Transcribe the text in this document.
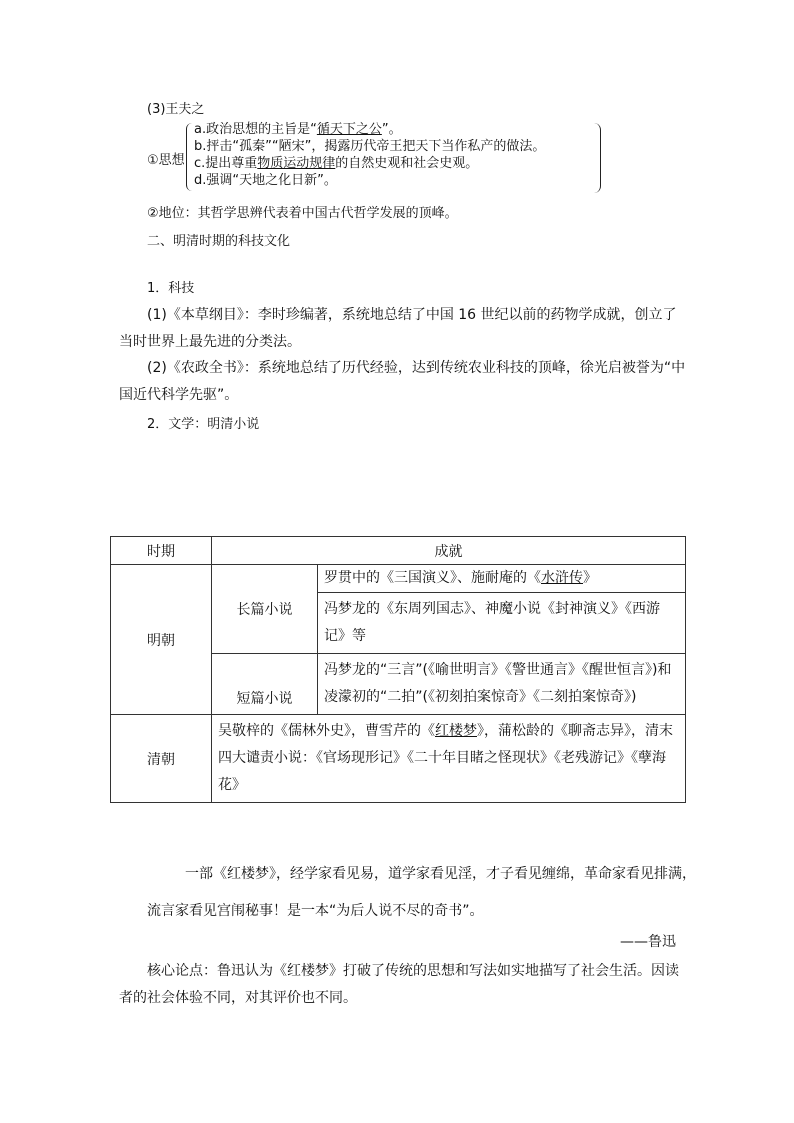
(3)王夫之
①思想
a.政治思想的主旨是“循天下之公”。
b.抨击“孤秦”“陋宋”，揭露历代帝王把天下当作私产的做法。
c.提出尊重物质运动规律的自然史观和社会史观。
d.强调“天地之化日新”。
②地位：其哲学思辨代表着中国古代哲学发展的顶峰。
二、明清时期的科技文化
1．科技
(1)《本草纲目》：李时珍编著，系统地总结了中国 16 世纪以前的药物学成就，创立了
当时世界上最先进的分类法。
(2)《农政全书》：系统地总结了历代经验，达到传统农业科技的顶峰，徐光启被誉为“中
国近代科学先驱”。
2．文学：明清小说
时期	成就	
明朝	长篇小说	罗贯中的《三国演义》、施耐庵的《水浒传》
		冯梦龙的《东周列国志》、神魔小说《封神演义》《西游记》等
	短篇小说	冯梦龙的“三言”(《喻世明言》《警世通言》《醒世恒言》)和凌濛初的“二拍”(《初刻拍案惊奇》《二刻拍案惊奇》)

清朝	吴敬梓的《儒林外史》，曹雪芹的《红楼梦》，蒲松龄的《聊斋志异》，清末四大谴责小说：《官场现形记》《二十年目睹之怪现状》《老残游记》《孽海花》	
一部《红楼梦》，经学家看见易，道学家看见淫，才子看见缠绵，革命家看见排满，
流言家看见宫闱秘事！是一本“为后人说不尽的奇书”。
——鲁迅
核心论点：鲁迅认为《红楼梦》打破了传统的思想和写法如实地描写了社会生活。因读
者的社会体验不同，对其评价也不同。
